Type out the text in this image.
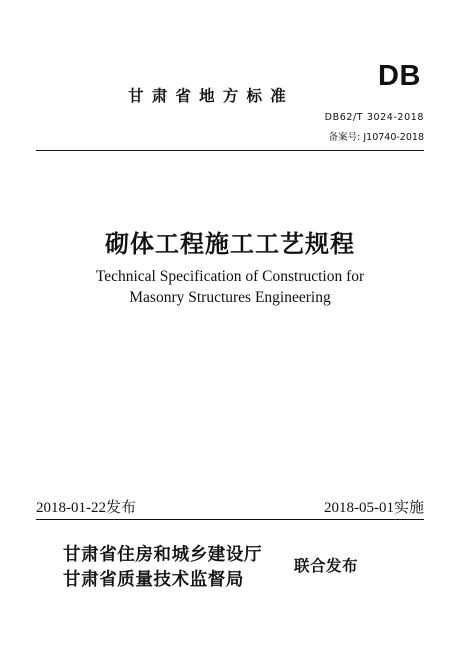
甘肃省地方标准
DB
DB62/T 3024-2018
备案号: J10740-2018
砌体工程施工工艺规程
Technical Specification of Construction for
Masonry Structures Engineering
2018-01-22发布	2018-05-01实施
甘肃省住房和城乡建设厅
甘肃省质量技术监督局
联合发布
